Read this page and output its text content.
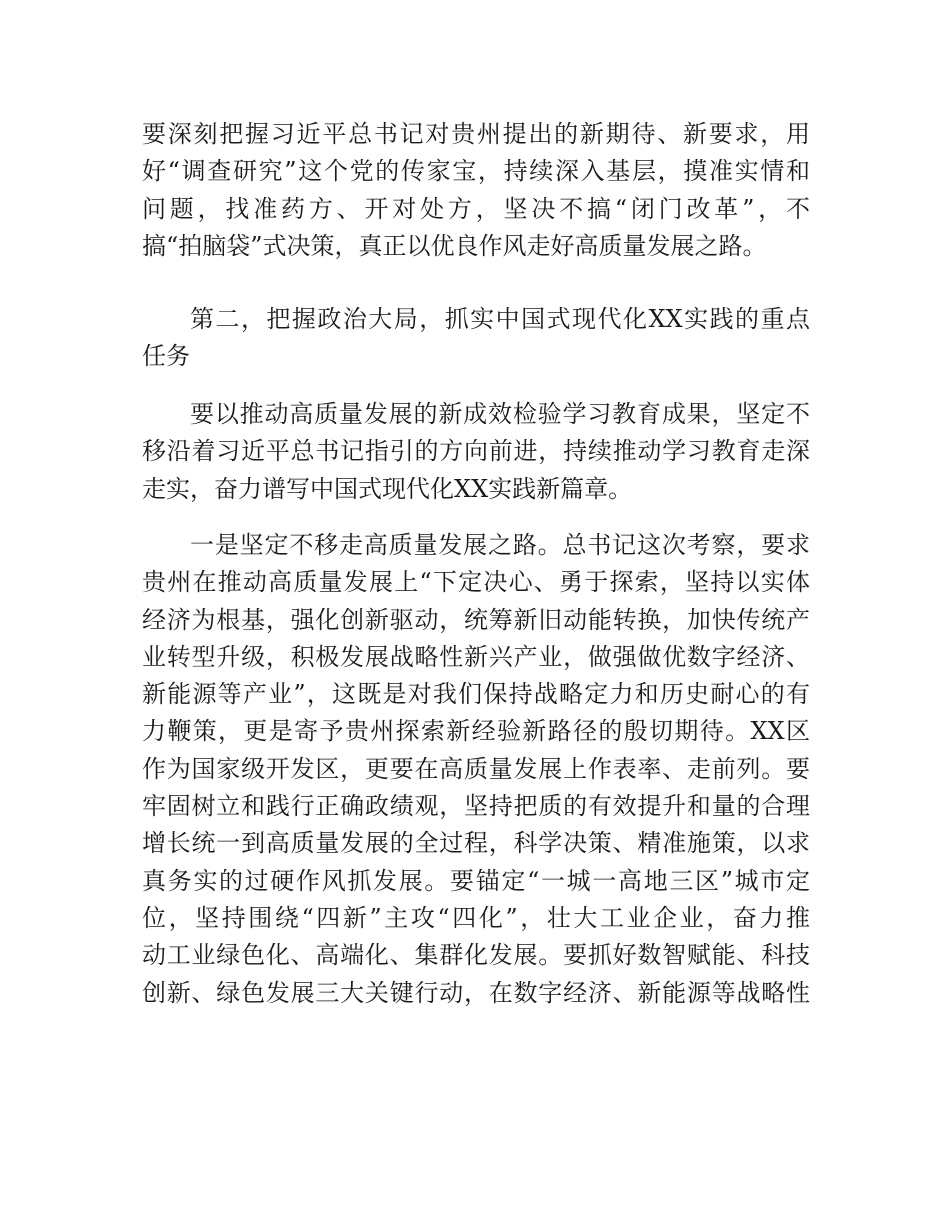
要深刻把握习近平总书记对贵州提出的新期待、新要求，用
好“调查研究”这个党的传家宝，持续深入基层，摸准实情和
问题，找准药方、开对处方，坚决不搞“闭门改革”，不
搞“拍脑袋”式决策，真正以优良作风走好高质量发展之路。
第二，把握政治大局，抓实中国式现代化XX实践的重点
任务
要以推动高质量发展的新成效检验学习教育成果，坚定不
移沿着习近平总书记指引的方向前进，持续推动学习教育走深
走实，奋力谱写中国式现代化XX实践新篇章。
一是坚定不移走高质量发展之路。总书记这次考察，要求
贵州在推动高质量发展上“下定决心、勇于探索，坚持以实体
经济为根基，强化创新驱动，统筹新旧动能转换，加快传统产
业转型升级，积极发展战略性新兴产业，做强做优数字经济、
新能源等产业”，这既是对我们保持战略定力和历史耐心的有
力鞭策，更是寄予贵州探索新经验新路径的殷切期待。XX区
作为国家级开发区，更要在高质量发展上作表率、走前列。要
牢固树立和践行正确政绩观，坚持把质的有效提升和量的合理
增长统一到高质量发展的全过程，科学决策、精准施策，以求
真务实的过硬作风抓发展。要锚定“一城一高地三区”城市定
位，坚持围绕“四新”主攻“四化”，壮大工业企业，奋力推
动工业绿色化、高端化、集群化发展。要抓好数智赋能、科技
创新、绿色发展三大关键行动，在数字经济、新能源等战略性
